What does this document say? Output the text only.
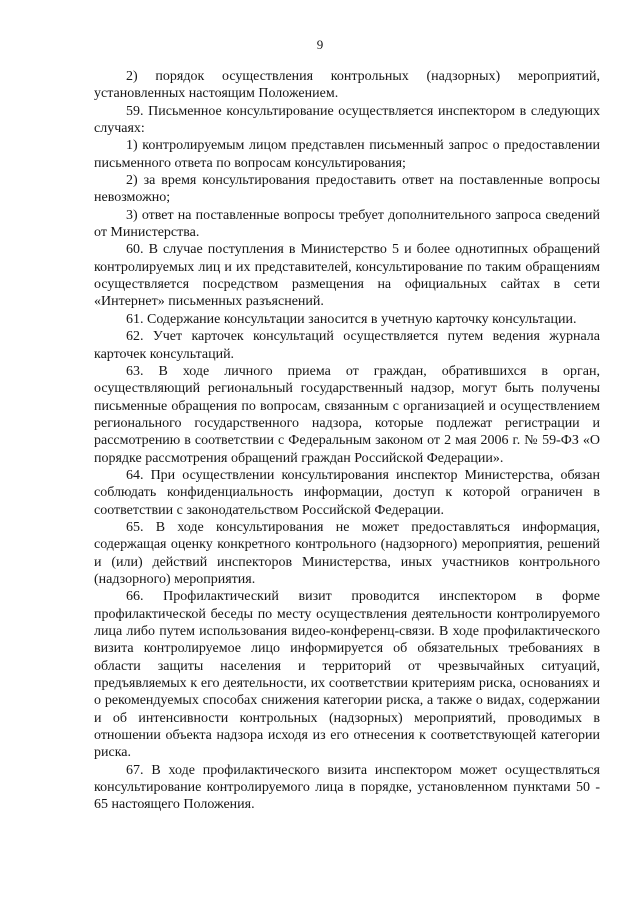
9

2) порядок осуществления контрольных (надзорных) мероприятий, установленных настоящим Положением.

59. Письменное консультирование осуществляется инспектором в следующих случаях:

1) контролируемым лицом представлен письменный запрос о предоставлении письменного ответа по вопросам консультирования;

2) за время консультирования предоставить ответ на поставленные вопросы невозможно;

3) ответ на поставленные вопросы требует дополнительного запроса сведений от Министерства.

60. В случае поступления в Министерство 5 и более однотипных обращений контролируемых лиц и их представителей, консультирование по таким обращениям осуществляется посредством размещения на официальных сайтах в сети «Интернет» письменных разъяснений.

61. Содержание консультации заносится в учетную карточку консультации.

62. Учет карточек консультаций осуществляется путем ведения журнала карточек консультаций.

63. В ходе личного приема от граждан, обратившихся в орган, осуществляющий региональный государственный надзор, могут быть получены письменные обращения по вопросам, связанным с организацией и осуществлением регионального государственного надзора, которые подлежат регистрации и рассмотрению в соответствии с Федеральным законом от 2 мая 2006 г. № 59-ФЗ «О порядке рассмотрения обращений граждан Российской Федерации».

64. При осуществлении консультирования инспектор Министерства, обязан соблюдать конфиденциальность информации, доступ к которой ограничен в соответствии с законодательством Российской Федерации.

65. В ходе консультирования не может предоставляться информация, содержащая оценку конкретного контрольного (надзорного) мероприятия, решений и (или) действий инспекторов Министерства, иных участников контрольного (надзорного) мероприятия.

66. Профилактический визит проводится инспектором в форме профилактической беседы по месту осуществления деятельности контролируемого лица либо путем использования видео-конференц-связи. В ходе профилактического визита контролируемое лицо информируется об обязательных требованиях в области защиты населения и территорий от чрезвычайных ситуаций, предъявляемых к его деятельности, их соответствии критериям риска, основаниях и о рекомендуемых способах снижения категории риска, а также о видах, содержании и об интенсивности контрольных (надзорных) мероприятий, проводимых в отношении объекта надзора исходя из его отнесения к соответствующей категории риска.

67. В ходе профилактического визита инспектором может осуществляться консультирование контролируемого лица в порядке, установленном пунктами 50 - 65 настоящего Положения.
